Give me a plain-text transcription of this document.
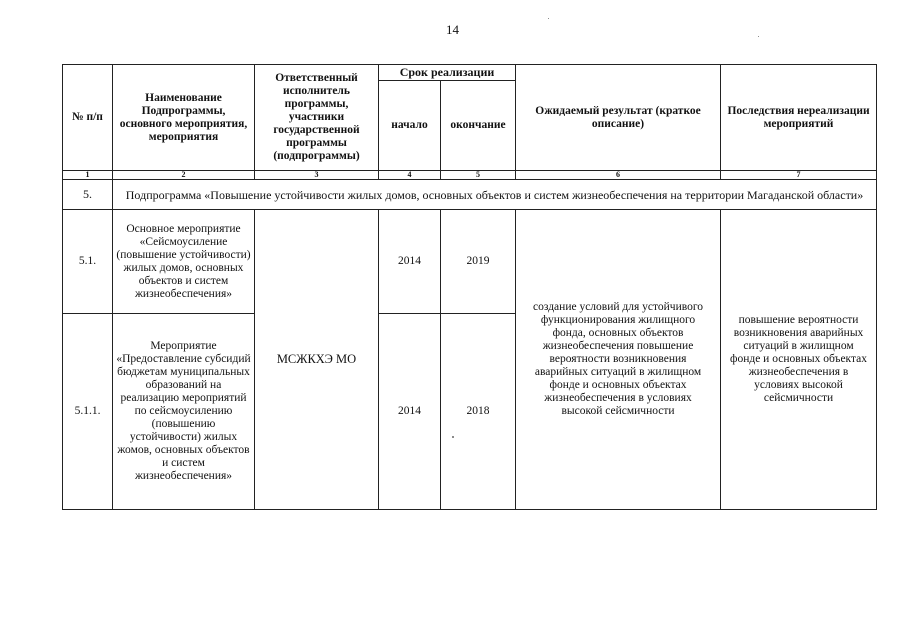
14
№ п/п	Наименование Подпрограммы, основного мероприятия, мероприятия	Ответственный исполнитель программы, участники государственной программы (подпрограммы)	Срок реализации		Ожидаемый результат (краткое описание)	Последствия нереализации мероприятий
			начало	окончание		
1	2	3	4	5	6	7
5.	Подпрограмма «Повышение устойчивости жилых домов, основных объектов и систем жизнеобеспечения на территории Магаданской области»					
5.1.	Основное мероприятие «Сейсмоусиление (повышение устойчивости) жилых домов, основных объектов и систем жизнеобеспечения»	МСЖКХЭ МО	2014	2019	создание условий для устойчивого функционирования жилищного фонда, основных объектов жизнеобеспечения повышение вероятности возникновения аварийных ситуаций в жилищном фонде и основных объектах жизнеобеспечения в условиях высокой сейсмичности	повышение вероятности возникновения аварийных ситуаций в жилищном фонде и основных объектах жизнеобеспечения в условиях высокой сейсмичности
5.1.1.	Мероприятие «Предоставление субсидий бюджетам муниципальных образований на реализацию мероприятий по сейсмоусилению (повышению устойчивости) жилых жомов, основных объектов и систем жизнеобеспечения»		2014	2018		
